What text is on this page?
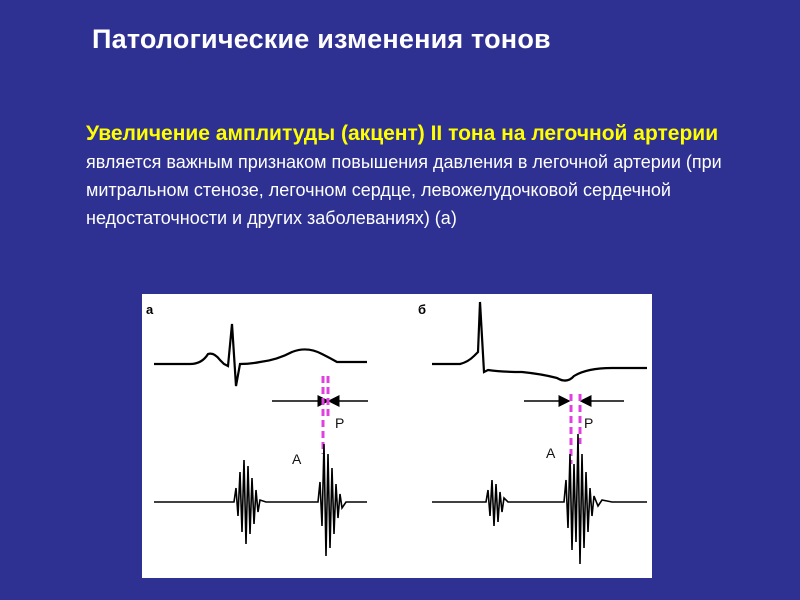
Патологические изменения тонов

Увеличение амплитуды (акцент) II тона на легочной артерии является важным признаком повышения давления в легочной артерии (при митральном стенозе, легочном сердце, левожелудочковой сердечной недостаточности и других заболеваниях) (а)

а
А
Р
б
А
Р
